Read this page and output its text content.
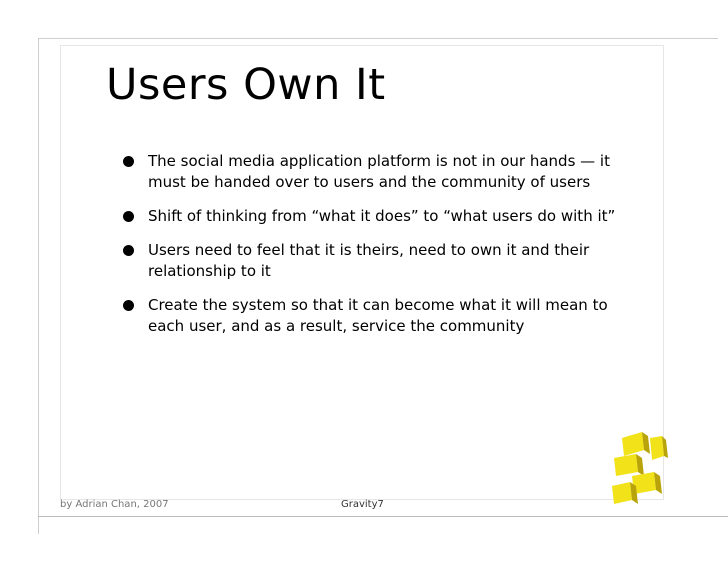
Users Own It
The social media application platform is not in our hands — it must be handed over to users and the community of users
Shift of thinking from “what it does” to “what users do with it”
Users need to feel that it is theirs, need to own it and their relationship to it
Create the system so that it can become what it will mean to each user, and as a result, service the community
by Adrian Chan, 2007	Gravity7
